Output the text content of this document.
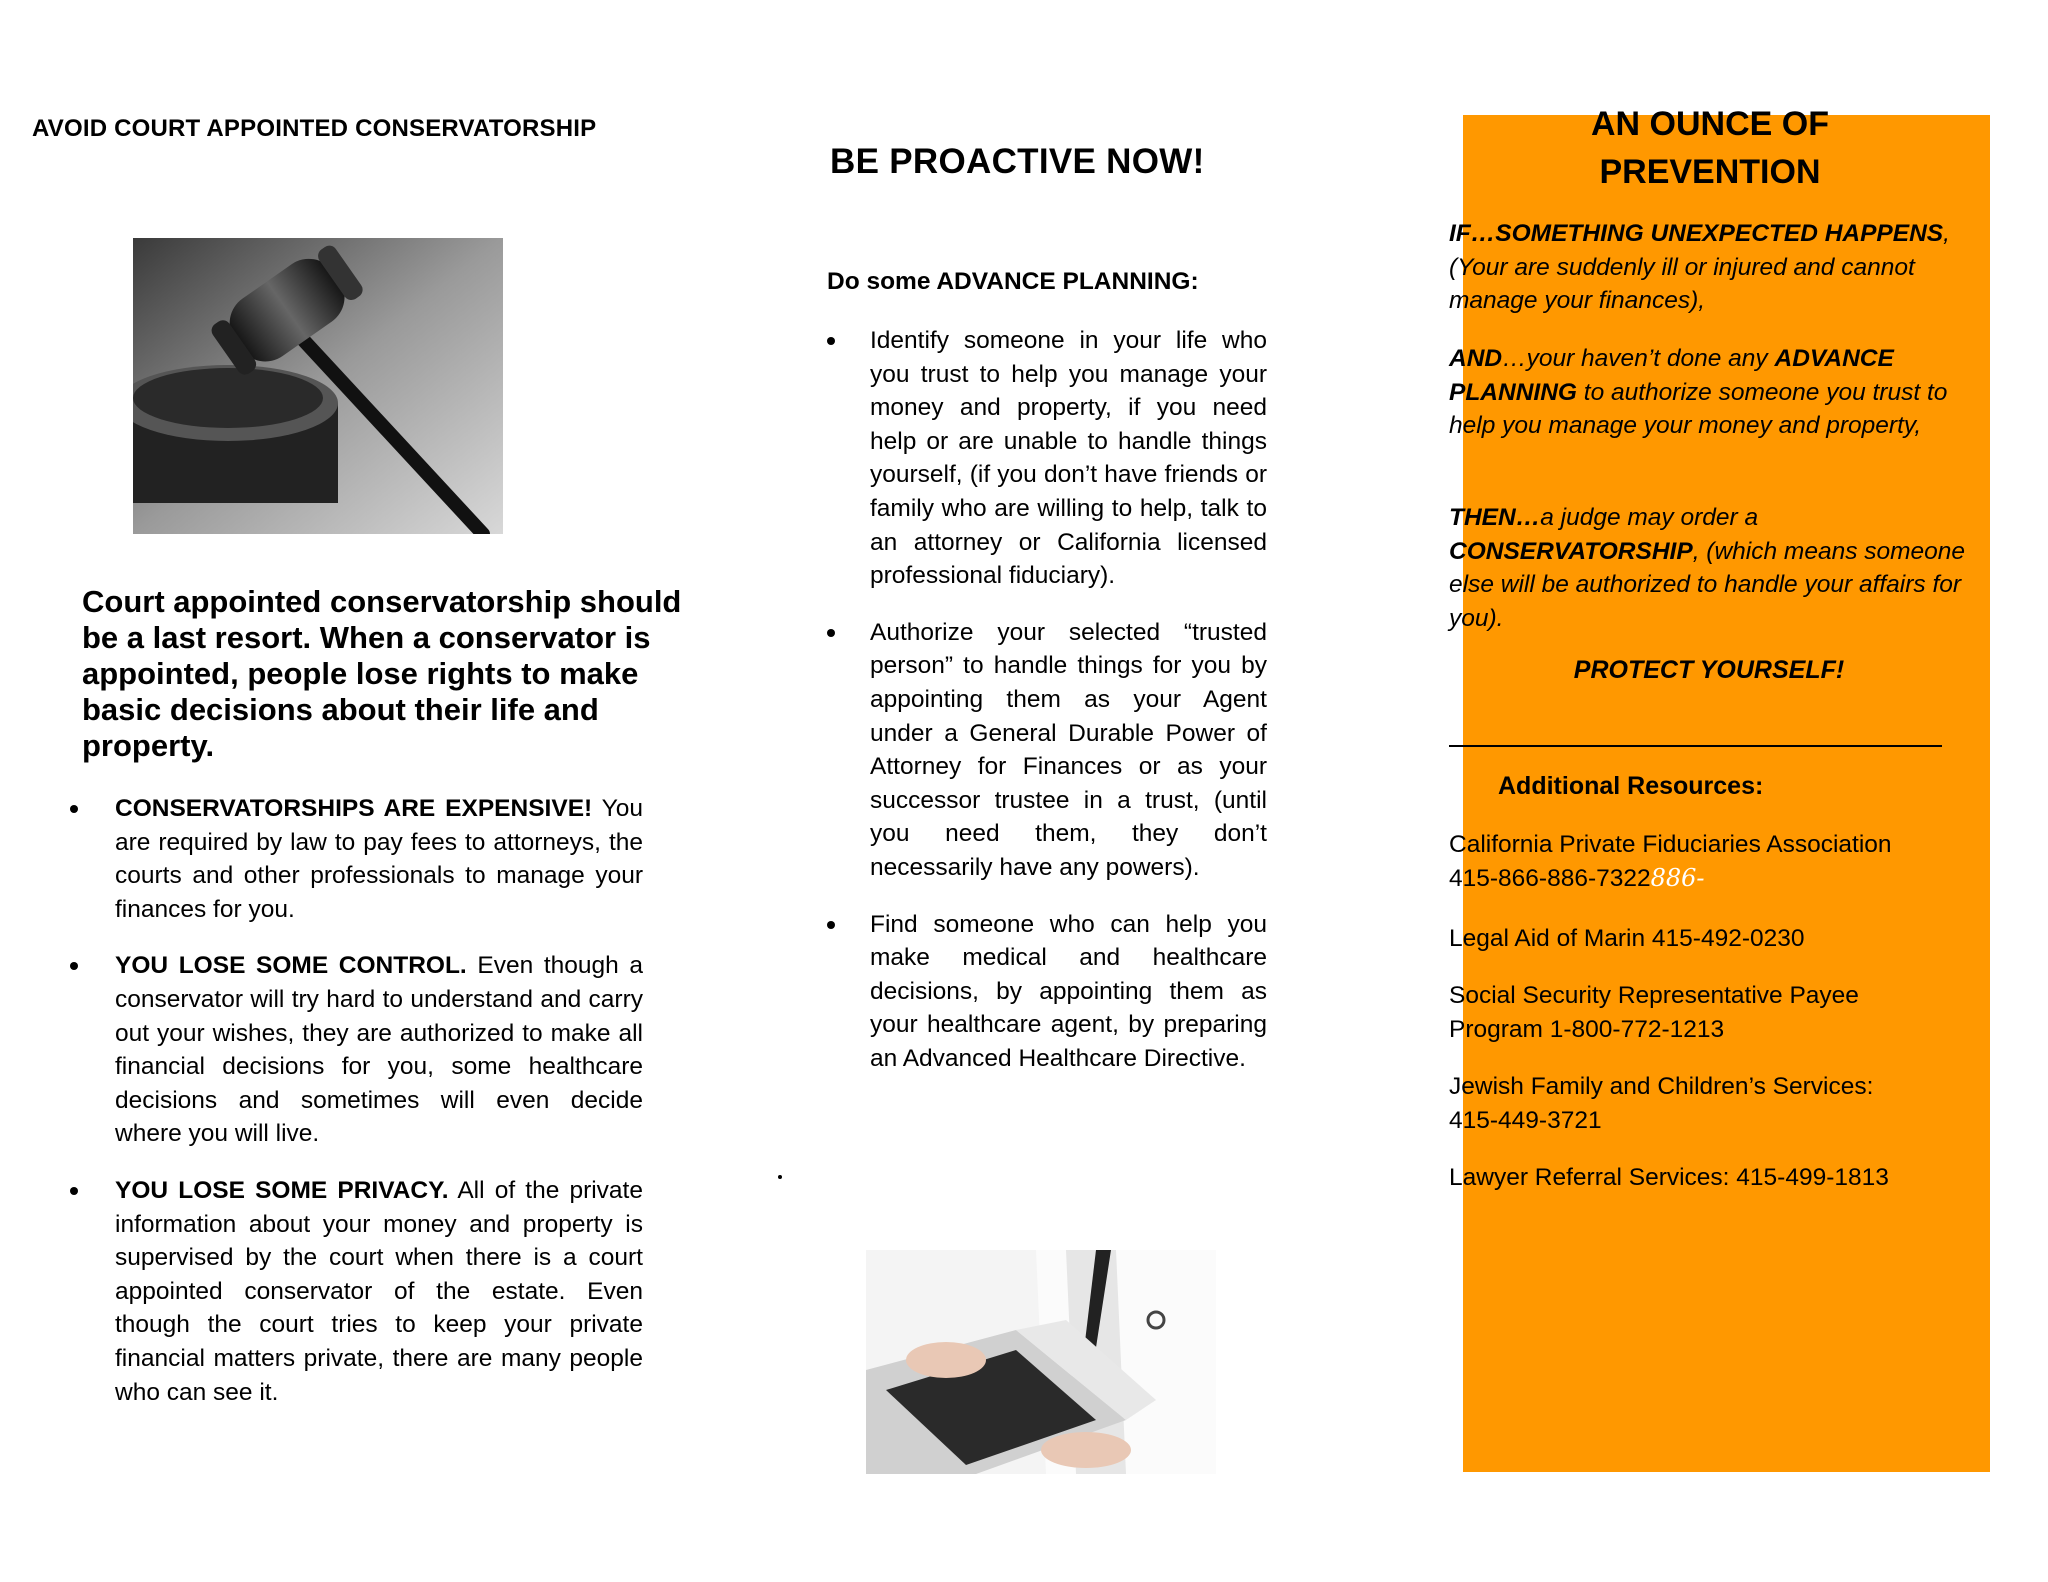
AVOID COURT APPOINTED CONSERVATORSHIP
Court appointed conservatorship should be a last resort. When a conservator is appointed, people lose rights to make basic decisions about their life and property.
CONSERVATORSHIPS ARE EXPENSIVE! You are required by law to pay fees to attorneys, the courts and other professionals to manage your finances for you.
YOU LOSE SOME CONTROL. Even though a conservator will try hard to understand and carry out your wishes, they are authorized to make all financial decisions for you, some healthcare decisions and sometimes will even decide where you will live.
YOU LOSE SOME PRIVACY. All of the private information about your money and property is supervised by the court when there is a court appointed conservator of the estate. Even though the court tries to keep your private financial matters private, there are many people who can see it.
BE PROACTIVE NOW!
Do some ADVANCE PLANNING:
Identify someone in your life who you trust to help you manage your money and property, if you need help or are unable to handle things yourself, (if you don’t have friends or family who are willing to help, talk to an attorney or California licensed professional fiduciary).
Authorize your selected “trusted person” to handle things for you by appointing them as your Agent under a General Durable Power of Attorney for Finances or as your successor trustee in a trust, (until you need them, they don’t necessarily have any powers).
Find someone who can help you make medical and healthcare decisions, by appointing them as your healthcare agent, by preparing an Advanced Healthcare Directive.
AN OUNCE OF
PREVENTION
IF…SOMETHING UNEXPECTED HAPPENS, (Your are suddenly ill or injured and cannot manage your finances),
AND…your haven’t done any ADVANCE PLANNING to authorize someone you trust to help you manage your money and property,
THEN…a judge may order a CONSERVATORSHIP, (which means someone else will be authorized to handle your affairs for you).
PROTECT YOURSELF!
Additional Resources:
California Private Fiduciaries Association
415-866-886-7322886-
Legal Aid of Marin 415-492-0230
Social Security Representative Payee
Program 1-800-772-1213
Jewish Family and Children’s Services:
415-449-3721
Lawyer Referral Services: 415-499-1813
